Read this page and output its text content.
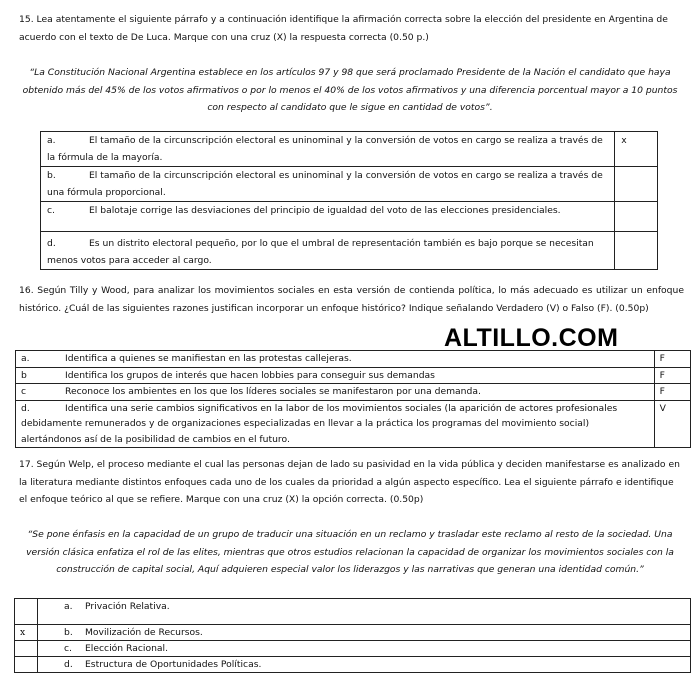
15. Lea atentamente el siguiente párrafo y a continuación identifique la afirmación correcta sobre la elección del presidente en Argentina de acuerdo con el texto de De Luca. Marque con una cruz (X) la respuesta correcta (0.50 p.)
“La Constitución Nacional Argentina establece en los artículos 97 y 98 que será proclamado Presidente de la Nación el candidato que haya obtenido más del 45% de los votos afirmativos o por lo menos el 40% de los votos afirmativos y una diferencia porcentual mayor a 10 puntos con respecto al candidato que le sigue en cantidad de votos”.
a. El tamaño de la circunscripción electoral es uninominal y la conversión de votos en cargo se realiza a través de la fórmula de la mayoría.	x
b. El tamaño de la circunscripción electoral es uninominal y la conversión de votos en cargo se realiza a través de una fórmula proporcional.	
c. El balotaje corrige las desviaciones del principio de igualdad del voto de las elecciones presidenciales.	
d. Es un distrito electoral pequeño, por lo que el umbral de representación también es bajo porque se necesitan menos votos para acceder al cargo.	
16. Según Tilly y Wood, para analizar los movimientos sociales en esta versión de contienda política, lo más adecuado es utilizar un enfoque histórico. ¿Cuál de las siguientes razones justifican incorporar un enfoque histórico? Indique señalando Verdadero (V) o Falso (F). (0.50p)
ALTILLO.COM
a. Identifica a quienes se manifiestan en las protestas callejeras.	F
b Identifica los grupos de interés que hacen lobbies para conseguir sus demandas	F
c Reconoce los ambientes en los que los líderes sociales se manifestaron por una demanda.	F
d. Identifica una serie cambios significativos en la labor de los movimientos sociales (la aparición de actores profesionales debidamente remunerados y de organizaciones especializadas en llevar a la práctica los programas del movimiento social) alertándonos así de la posibilidad de cambios en el futuro.	V
17. Según Welp, el proceso mediante el cual las personas dejan de lado su pasividad en la vida pública y deciden manifestarse es analizado en la literatura mediante distintos enfoques cada uno de los cuales da prioridad a algún aspecto específico. Lea el siguiente párrafo e identifique el enfoque teórico al que se refiere. Marque con una cruz (X) la opción correcta. (0.50p)
“Se pone énfasis en la capacidad de un grupo de traducir una situación en un reclamo y trasladar este reclamo al resto de la sociedad. Una versión clásica enfatiza el rol de las elites, mientras que otros estudios relacionan la capacidad de organizar los movimientos sociales con la construcción de capital social, Aquí adquieren especial valor los liderazgos y las narrativas que generan una identidad común.”
	a. Privación Relativa.
x	b. Movilización de Recursos.
	c. Elección Racional.
	d. Estructura de Oportunidades Políticas.
